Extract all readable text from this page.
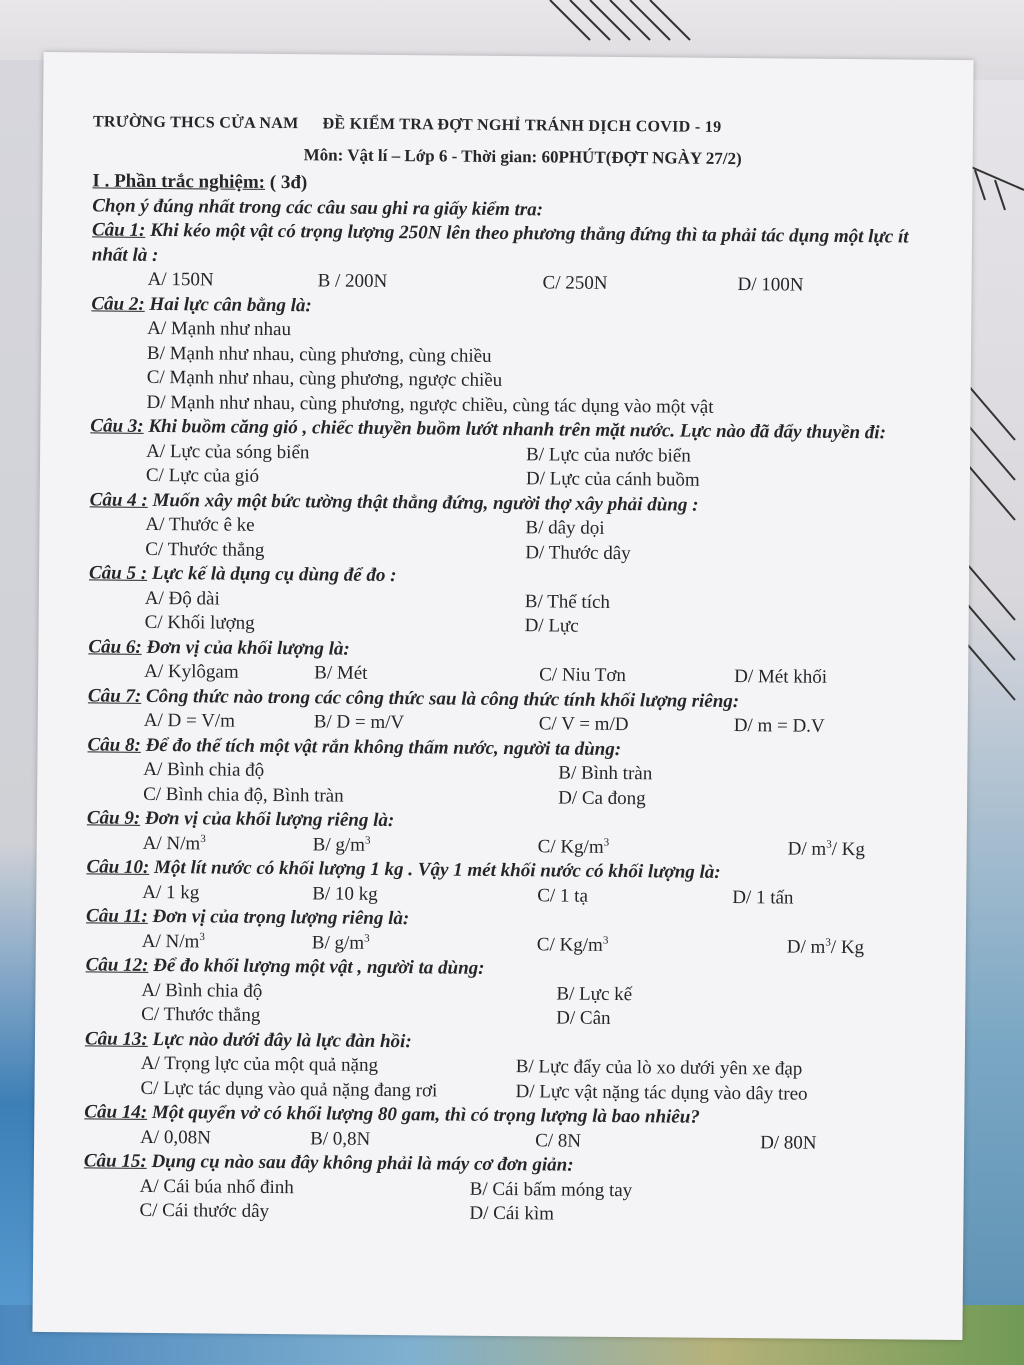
TRƯỜNG THCS CỬA NAM ĐỀ KIỂM TRA ĐỢT NGHỈ TRÁNH DỊCH COVID - 19
Môn: Vật lí – Lớp 6 - Thời gian: 60PHÚT(ĐỢT NGÀY 27/2)
I . Phần trắc nghiệm: ( 3đ)
Chọn ý đúng nhất trong các câu sau ghi ra giấy kiểm tra:
Câu 1: Khi kéo một vật có trọng lượng 250N lên theo phương thẳng đứng thì ta phải tác dụng một lực ít nhất là :
A/ 150N	B / 200N	C/ 250N	D/ 100N
Câu 2: Hai lực cân bằng là:
A/ Mạnh như nhau
B/ Mạnh như nhau, cùng phương, cùng chiều
C/ Mạnh như nhau, cùng phương, ngược chiều
D/ Mạnh như nhau, cùng phương, ngược chiều, cùng tác dụng vào một vật
Câu 3: Khi buồm căng gió , chiếc thuyền buồm lướt nhanh trên mặt nước. Lực nào đã đẩy thuyền đi:
A/ Lực của sóng biển	B/ Lực của nước biển
C/ Lực của gió	D/ Lực của cánh buồm
Câu 4 : Muốn xây một bức tường thật thẳng đứng, người thợ xây phải dùng :
A/ Thước ê ke	B/ dây dọi
C/ Thước thẳng	D/ Thước dây
Câu 5 : Lực kế là dụng cụ dùng để đo :
A/ Độ dài	B/ Thể tích
C/ Khối lượng	D/ Lực
Câu 6: Đơn vị của khối lượng là:
A/ Kylôgam	B/ Mét	C/ Niu Tơn	D/ Mét khối
Câu 7: Công thức nào trong các công thức sau là công thức tính khối lượng riêng:
A/ D = V/m	B/ D = m/V	C/ V = m/D	D/ m = D.V
Câu 8: Để đo thể tích một vật rắn không thấm nước, người ta dùng:
A/ Bình chia độ	B/ Bình tràn
C/ Bình chia độ, Bình tràn	D/ Ca đong
Câu 9: Đơn vị của khối lượng riêng là:
A/ $N/m^3$	B/ $g/m^3$	C/ $Kg/m^3$	D/ $m^3/$ Kg
Câu 10: Một lít nước có khối lượng 1 kg . Vậy 1 mét khối nước có khối lượng là:
A/ 1 kg	B/ 10 kg	C/ 1 tạ	D/ 1 tấn
Câu 11: Đơn vị của trọng lượng riêng là:
A/ $N/m^3$	B/ $g/m^3$	C/ $Kg/m^3$	D/ $m^3/$ Kg
Câu 12: Để đo khối lượng một vật , người ta dùng:
A/ Bình chia độ	B/ Lực kế
C/ Thước thẳng	D/ Cân
Câu 13: Lực nào dưới đây là lực đàn hồi:
A/ Trọng lực của một quả nặng	B/ Lực đẩy của lò xo dưới yên xe đạp
C/ Lực tác dụng vào quả nặng đang rơi	D/ Lực vật nặng tác dụng vào dây treo
Câu 14: Một quyển vở có khối lượng 80 gam, thì có trọng lượng là bao nhiêu?
A/ 0,08N	B/ 0,8N	C/ 8N	D/ 80N
Câu 15: Dụng cụ nào sau đây không phải là máy cơ đơn giản:
A/ Cái búa nhổ đinh	B/ Cái bấm móng tay
C/ Cái thước dây	D/ Cái kìm
